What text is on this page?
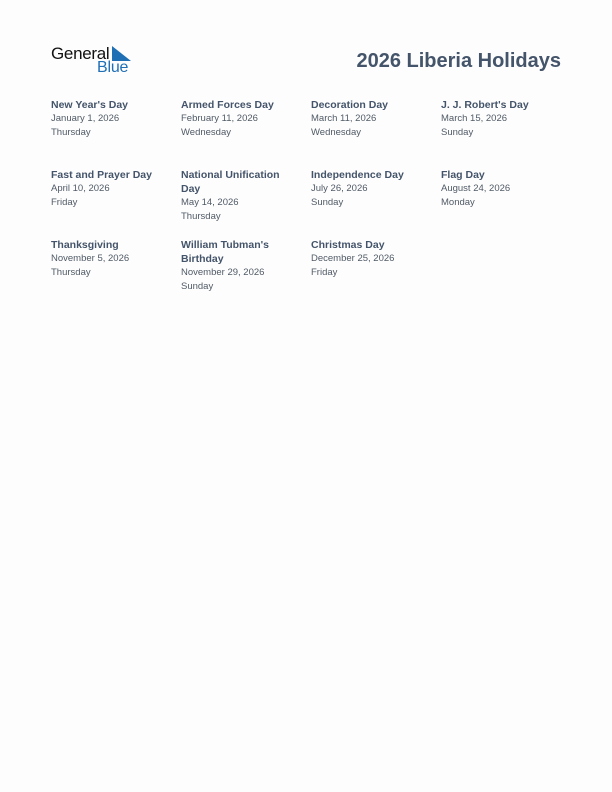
General
Blue	2026 Liberia Holidays
New Year's Day
January 1, 2026
Thursday
Armed Forces Day
February 11, 2026
Wednesday
Decoration Day
March 11, 2026
Wednesday
J. J. Robert's Day
March 15, 2026
Sunday
Fast and Prayer Day
April 10, 2026
Friday
National Unification Day
May 14, 2026
Thursday
Independence Day
July 26, 2026
Sunday
Flag Day
August 24, 2026
Monday
Thanksgiving
November 5, 2026
Thursday
William Tubman's Birthday
November 29, 2026
Sunday
Christmas Day
December 25, 2026
Friday
